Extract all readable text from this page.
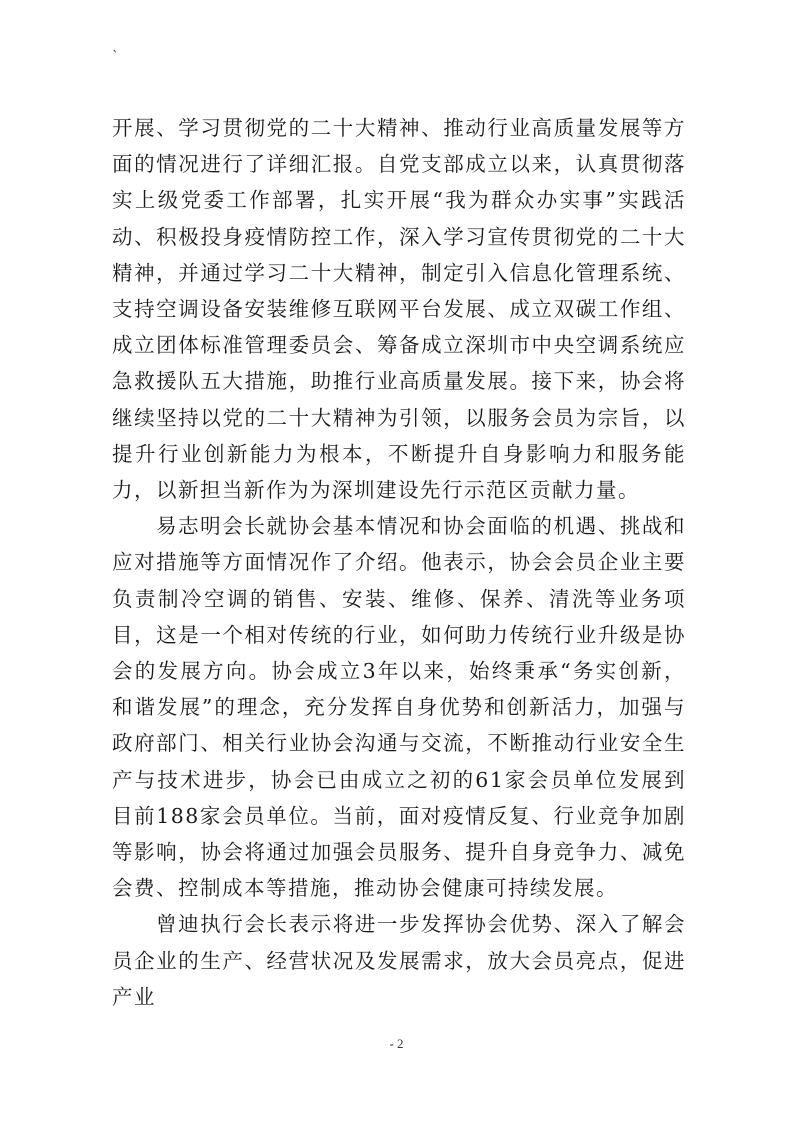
`

开展、学习贯彻党的二十大精神、推动行业高质量发展等方面的情况进行了详细汇报。自党支部成立以来，认真贯彻落实上级党委工作部署，扎实开展“我为群众办实事”实践活动、积极投身疫情防控工作，深入学习宣传贯彻党的二十大精神，并通过学习二十大精神，制定引入信息化管理系统、支持空调设备安装维修互联网平台发展、成立双碳工作组、成立团体标准管理委员会、筹备成立深圳市中央空调系统应急救援队五大措施，助推行业高质量发展。接下来，协会将继续坚持以党的二十大精神为引领，以服务会员为宗旨，以提升行业创新能力为根本，不断提升自身影响力和服务能力，以新担当新作为为深圳建设先行示范区贡献力量。

易志明会长就协会基本情况和协会面临的机遇、挑战和应对措施等方面情况作了介绍。他表示，协会会员企业主要负责制冷空调的销售、安装、维修、保养、清洗等业务项目，这是一个相对传统的行业，如何助力传统行业升级是协会的发展方向。协会成立3年以来，始终秉承“务实创新，和谐发展”的理念，充分发挥自身优势和创新活力，加强与政府部门、相关行业协会沟通与交流，不断推动行业安全生产与技术进步，协会已由成立之初的61家会员单位发展到目前188家会员单位。当前，面对疫情反复、行业竞争加剧等影响，协会将通过加强会员服务、提升自身竞争力、减免会费、控制成本等措施，推动协会健康可持续发展。

曾迪执行会长表示将进一步发挥协会优势、深入了解会员企业的生产、经营状况及发展需求，放大会员亮点，促进产业

- 2
